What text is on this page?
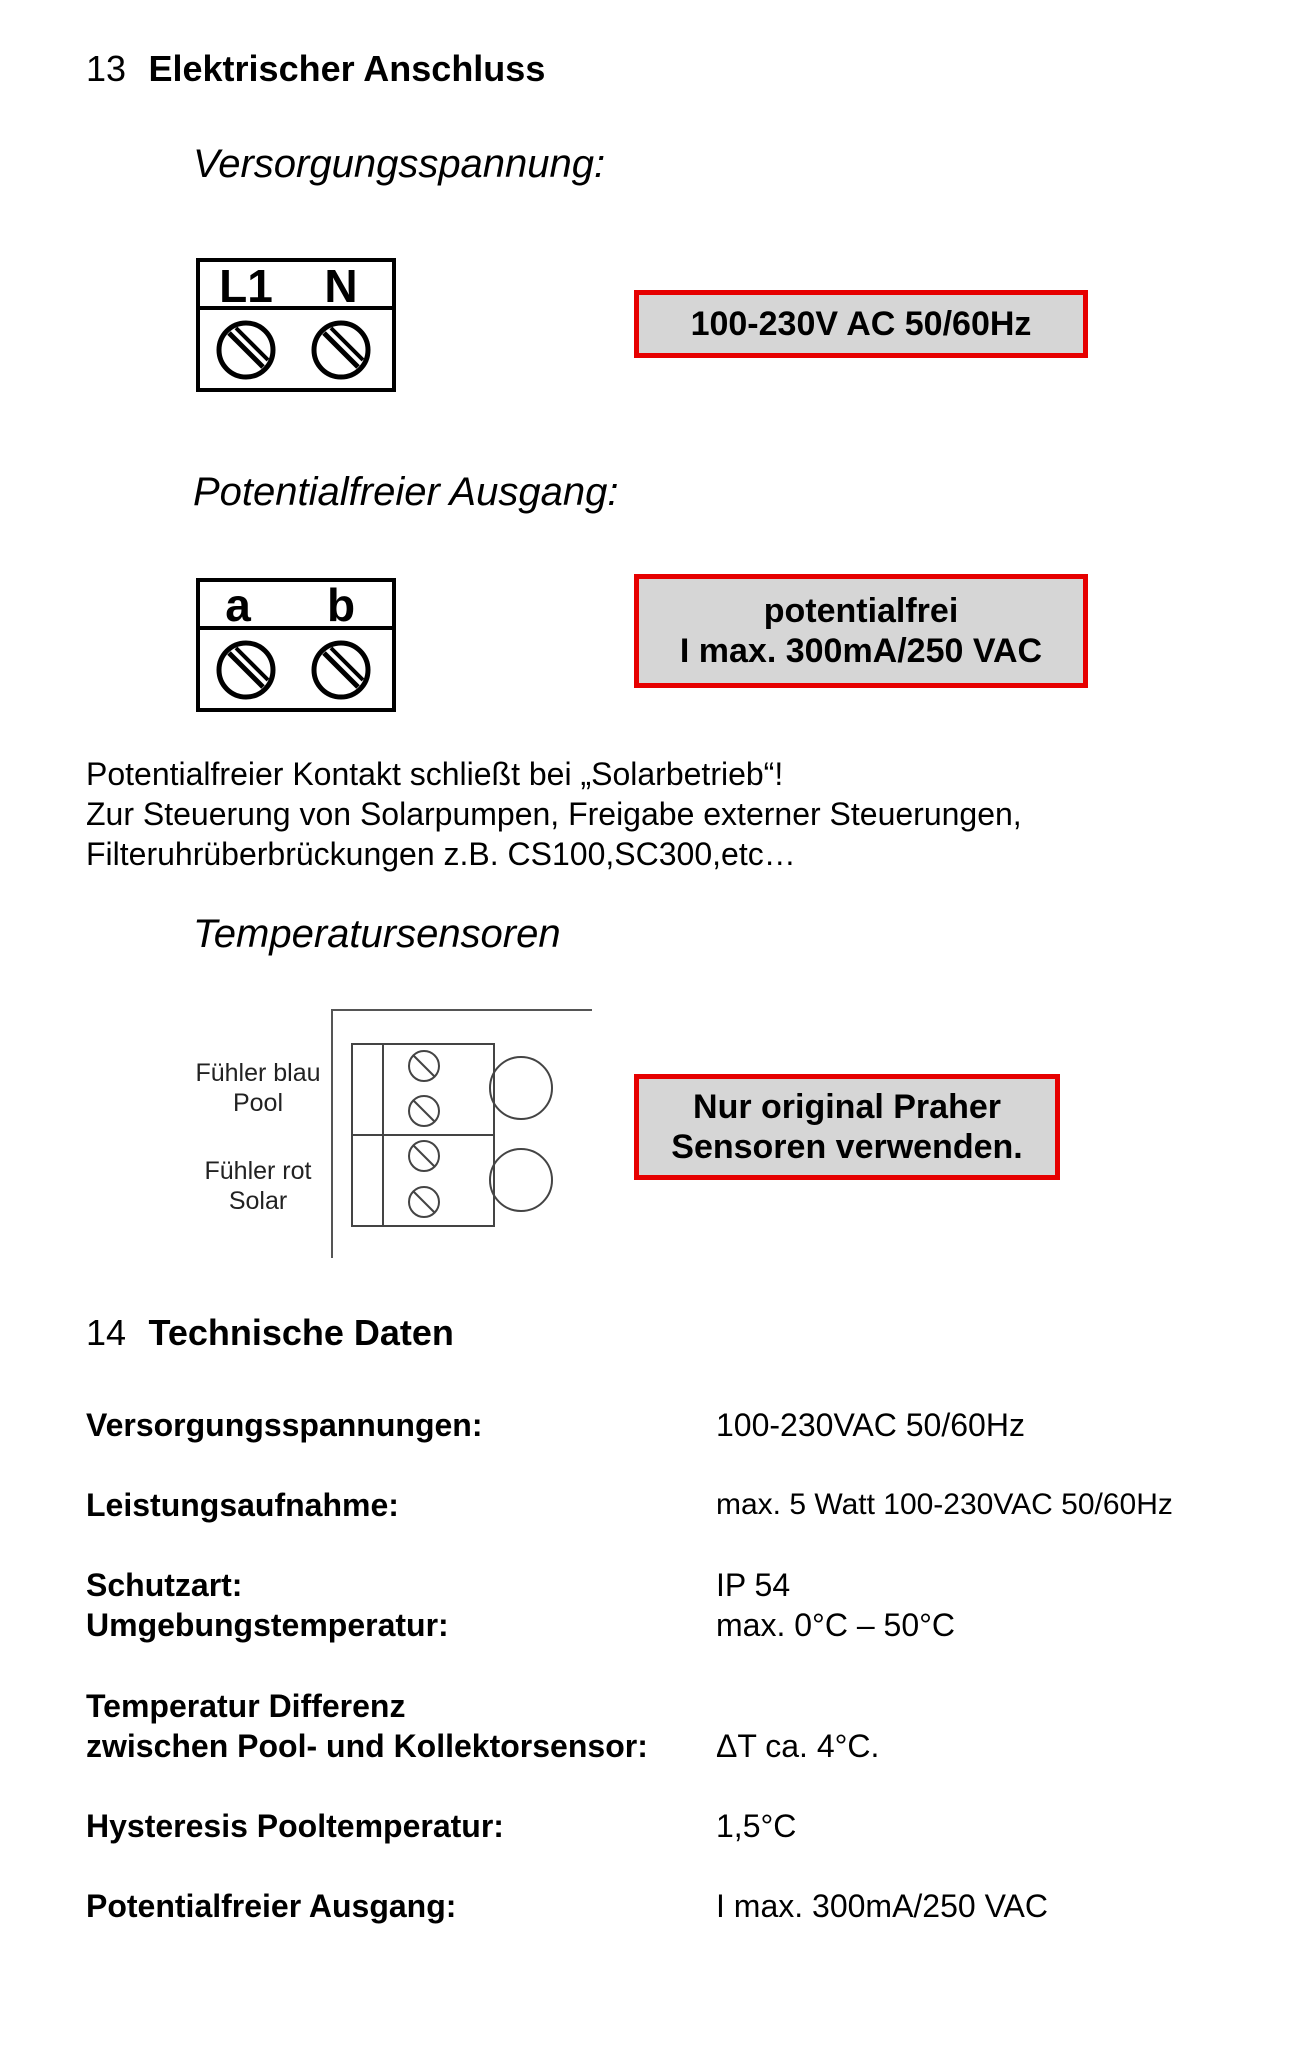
13 Elektrischer Anschluss
Versorgungsspannung:
L1 N
100-230V AC 50/60Hz
Potentialfreier Ausgang:
a b	potentialfrei
I max. 300mA/250 VAC
Potentialfreier Kontakt schließt bei „Solarbetrieb“!
Zur Steuerung von Solarpumpen, Freigabe externer Steuerungen,
Filteruhrüberbrückungen z.B. CS100,SC300,etc…
Temperatursensoren
Fühler blau
Pool
Fühler rot
Solar
Nur original Praher
Sensoren verwenden.
14 Technische Daten
Versorgungsspannungen:	100-230VAC 50/60Hz
Leistungsaufnahme:	max. 5 Watt 100-230VAC 50/60Hz
Schutzart:	IP 54
Umgebungstemperatur:	max. 0°C – 50°C
Temperatur Differenz
zwischen Pool- und Kollektorsensor: ΔT ca. 4°C.
Hysteresis Pooltemperatur:	1,5°C
Potentialfreier Ausgang:	I max. 300mA/250 VAC
